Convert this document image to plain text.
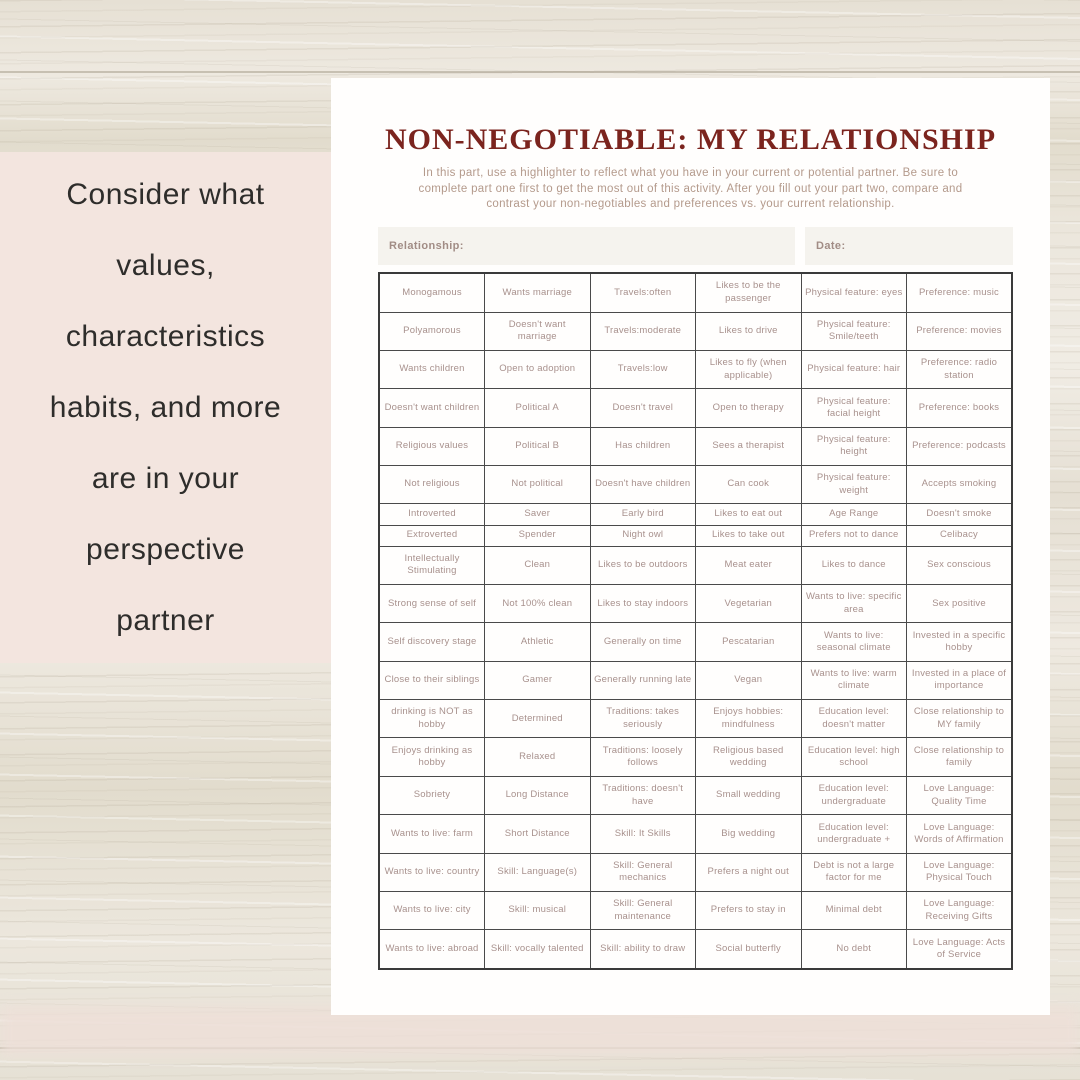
Consider what
values,
characteristics
habits, and more
are in your
perspective
partner
NON-NEGOTIABLE: MY RELATIONSHIP
In this part, use a highlighter to reflect what you have in your current or potential partner. Be sure to
complete part one first to get the most out of this activity. After you fill out your part two, compare and
contrast your non-negotiables and preferences vs. your current relationship.
Relationship:	Date:
Monogamous	Wants marriage	Travels:often	Likes to be the passenger	Physical feature: eyes	Preference: music
Polyamorous	Doesn't want marriage	Travels:moderate	Likes to drive	Physical feature: Smile/teeth	Preference: movies
Wants children	Open to adoption	Travels:low	Likes to fly (when applicable)	Physical feature: hair	Preference: radio station
Doesn't want children	Political A	Doesn't travel	Open to therapy	Physical feature: facial height	Preference: books
Religious values	Political B	Has children	Sees a therapist	Physical feature: height	Preference: podcasts
Not religious	Not political	Doesn't have children	Can cook	Physical feature: weight	Accepts smoking
Introverted	Saver	Early bird	Likes to eat out	Age Range	Doesn't smoke
Extroverted	Spender	Night owl	Likes to take out	Prefers not to dance	Celibacy
Intellectually Stimulating	Clean	Likes to be outdoors	Meat eater	Likes to dance	Sex conscious
Strong sense of self	Not 100% clean	Likes to stay indoors	Vegetarian	Wants to live: specific area	Sex positive
Self discovery stage	Athletic	Generally on time	Pescatarian	Wants to live: seasonal climate	Invested in a specific hobby
Close to their siblings	Gamer	Generally running late	Vegan	Wants to live: warm climate	Invested in a place of importance
drinking is NOT as hobby	Determined	Traditions: takes seriously	Enjoys hobbies: mindfulness	Education level: doesn't matter	Close relationship to MY family
Enjoys drinking as hobby	Relaxed	Traditions: loosely follows	Religious based wedding	Education level: high school	Close relationship to family
Sobriety	Long Distance	Traditions: doesn't have	Small wedding	Education level: undergraduate	Love Language: Quality Time
Wants to live: farm	Short Distance	Skill: It Skills	Big wedding	Education level: undergraduate +	Love Language: Words of Affirmation
Wants to live: country	Skill: Language(s)	Skill: General mechanics	Prefers a night out	Debt is not a large factor for me	Love Language: Physical Touch
Wants to live: city	Skill: musical	Skill: General maintenance	Prefers to stay in	Minimal debt	Love Language: Receiving Gifts
Wants to live: abroad	Skill: vocally talented	Skill: ability to draw	Social butterfly	No debt	Love Language: Acts of Service
